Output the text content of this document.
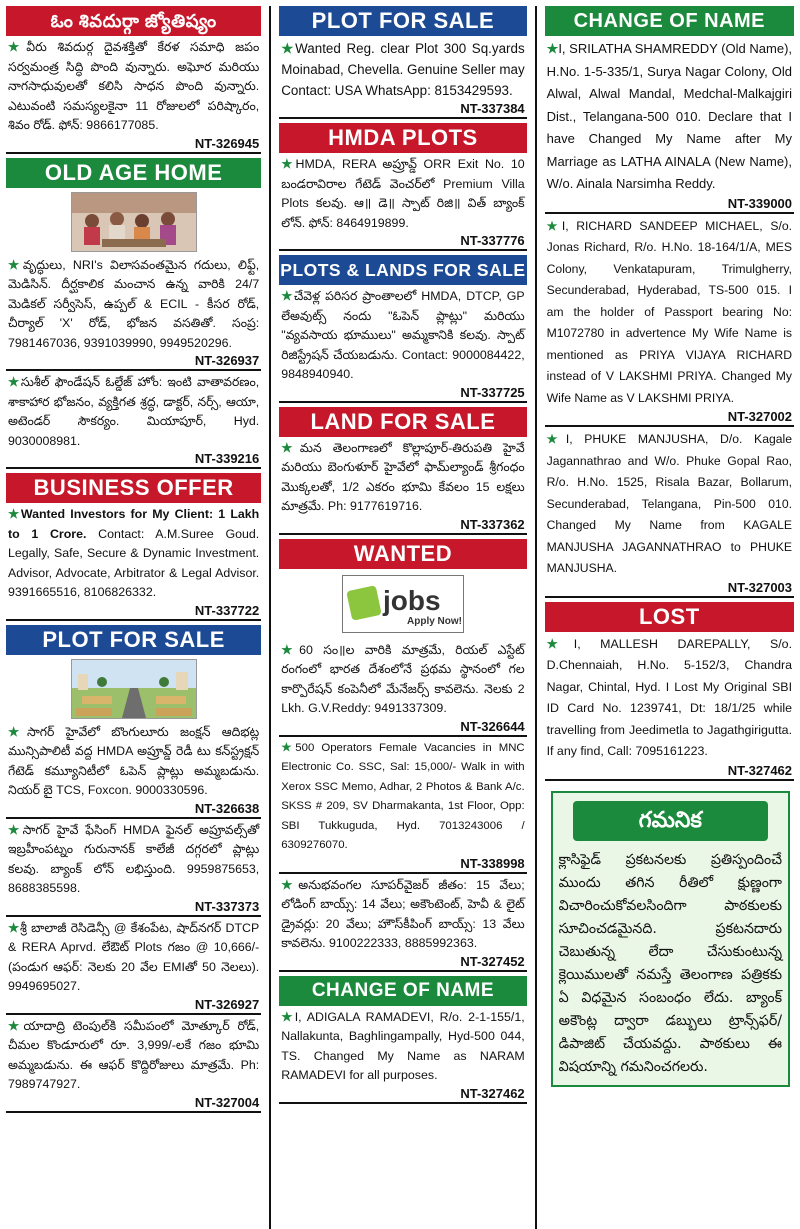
ఓం శివదుర్గా జ్యోతిష్యం
★వీరు శివదుర్గ దైవశక్తితో కేరళ సమాధి జపం సర్వమంత్ర సిద్ధి పొంది వున్నారు. అఘోర మరియు నాగసాధువులతో కలిసి సాధన పొంది వున్నారు. ఎటువంటి సమస్యలకైనా 11 రోజులలో పరిష్కారం, శివం రోడ్. ఫోన్: 9866177085.
NT-326945
OLD AGE HOME
★వృద్ధులు, NRI's విలాసవంతమైన గదులు, లిఫ్ట్, మెడిసిన్. దీర్ఘకాలిక మంచాన ఉన్న వారికి 24/7 మెడికల్ సర్వీసెస్, ఉప్పల్ & ECIL - కీసర రోడ్, చీర్యాల్ 'X' రోడ్, భోజన వసతితో. సంప్ర: 7981467036, 9391039990, 9949520296.
NT-326937
★సుశీల్ ఫౌండేషన్ ఓల్డేజ్ హోం: ఇంటి వాతావరణం, శాకాహార భోజనం, వ్యక్తిగత శ్రద్ధ, డాక్టర్, నర్స్, ఆయా, అటెండర్ సౌకర్యం. మియాపూర్, Hyd. 9030008981.
NT-339216
BUSINESS OFFER
★Wanted Investors for My Client: 1 Lakh to 1 Crore. Contact: A.M.Suree Goud. Legally, Safe, Secure & Dynamic Investment. Advisor, Advocate, Arbitrator & Legal Advisor. 9391665516, 8106826332.
NT-337722
PLOT FOR SALE
★సాగర్ హైవేలో బొంగులూరు జంక్షన్ ఆదిభట్ల మున్సిపాలిటీ వద్ద HMDA అప్రూవ్డ్ రెడీ టు కన్‌స్ట్రక్షన్ గేటెడ్ కమ్యూనిటీలో ఓపెన్ ప్లాట్లు అమ్మబడును. నియర్ బై TCS, Foxcon. 9000330596.
NT-326638
★సాగర్ హైవే ఫేసింగ్ HMDA ఫైనల్ అప్రూవల్స్‌తో ఇబ్రహీంపట్నం గురునానక్ కాలేజీ దగ్గరలో ప్లాట్లు కలవు. బ్యాంక్ లోన్ లభిస్తుంది. 9959875653, 8688385598.
NT-337373
★శ్రీ బాలాజీ రెసిడెన్సీ @ కేశంపేట, షాద్‌నగర్ DTCP & RERA Aprvd. లేఔట్ Plots గజం @ 10,666/- (పండుగ ఆఫర్: నెలకు 20 వేల EMIతో 50 నెలలు). 9949695027.
NT-326927
★యాదాద్రి టెంపుల్‌కి సమీపంలో మోత్కూర్ రోడ్, చీమల కొండూరులో రూ. 3,999/-లకే గజం భూమి అమ్మబడును. ఈ ఆఫర్ కొద్దిరోజులు మాత్రమే. Ph: 7989747927.
NT-327004
PLOT FOR SALE
★Wanted Reg. clear Plot 300 Sq.yards Moinabad, Chevella. Genuine Seller may Contact: USA WhatsApp: 8153429593.
NT-337384
HMDA PLOTS
★HMDA, RERA అప్రూవ్డ్ ORR Exit No. 10 బండరావిరాల గేటెడ్ వెంచర్‌లో Premium Villa Plots కలవు. ఆ॥ డె॥ స్పాట్ రిజి॥ విత్ బ్యాంక్ లోన్. ఫోన్: 8464919899.
NT-337776
PLOTS & LANDS FOR SALE
★చేవెళ్ల పరిసర ప్రాంతాలలో HMDA, DTCP, GP లేఅవుట్స్ నందు "ఓపెన్ ప్లాట్లు" మరియు "వ్యవసాయ భూములు" అమ్మకానికి కలవు. స్పాట్ రిజిస్ట్రేషన్ చేయబడును. Contact: 9000084422, 9848940940.
NT-337725
LAND FOR SALE
★మన తెలంగాణలో కొల్లాపూర్-తిరుపతి హైవే మరియు బెంగుళూర్ హైవేలో ఫామ్‌ల్యాండ్ శ్రీగంధం మొక్కలతో, 1/2 ఎకరం భూమి కేవలం 15 లక్షలు మాత్రమే. Ph: 9177619716.
NT-337362
WANTED
jobs
Apply Now!
★60 సం॥ల వారికి మాత్రమే, రియల్ ఎస్టేట్ రంగంలో భారత దేశంలోనే ప్రథమ స్థానంలో గల కార్పొరేషన్ కంపెనీలో మేనేజర్స్ కావలెను. నెలకు 2 Lkh. G.V.Reddy: 9491337309.
NT-326644
★500 Operators Female Vacancies in MNC Electronic Co. SSC, Sal: 15,000/- Walk in with Xerox SSC Memo, Adhar, 2 Photos & Bank A/c. SKSS # 209, SV Dharmakanta, 1st Floor, Opp: SBI Tukkuguda, Hyd. 7013243006 / 6309276070.
NT-338998
★అనుభవంగల సూపర్‌వైజర్ జీతం: 15 వేలు; లోడింగ్ బాయ్స్: 14 వేలు; అకౌంటెంట్, హెవీ & లైట్ డ్రైవర్లు: 20 వేలు; హౌస్‌కీపింగ్ బాయ్స్: 13 వేలు కావలెను. 9100222333, 8885992363.
NT-327452
CHANGE OF NAME
★I, ADIGALA RAMADEVI, R/o. 2-1-155/1, Nallakunta, Baghlingampally, Hyd-500 044, TS. Changed My Name as NARAM RAMADEVI for all purposes.
NT-327462
CHANGE OF NAME
★I, SRILATHA SHAMREDDY (Old Name), H.No. 1-5-335/1, Surya Nagar Colony, Old Alwal, Alwal Mandal, Medchal-Malkajgiri Dist., Telangana-500 010. Declare that I have Changed My Name after My Marriage as LATHA AINALA (New Name), W/o. Ainala Narsimha Reddy.
NT-339000
★I, RICHARD SANDEEP MICHAEL, S/o. Jonas Richard, R/o. H.No. 18-164/1/A, MES Colony, Venkatapuram, Trimulgherry, Secunderabad, Hyderabad, TS-500 015. I am the holder of Passport bearing No: M1072780 in advertence My Wife Name is mentioned as PRIYA VIJAYA RICHARD instead of V LAKSHMI PRIYA. Changed My Wife Name as V LAKSHMI PRIYA.
NT-327002
★I, PHUKE MANJUSHA, D/o. Kagale Jagannathrao and W/o. Phuke Gopal Rao, R/o. H.No. 1525, Risala Bazar, Bollarum, Secunderabad, Telangana, Pin-500 010. Changed My Name from KAGALE MANJUSHA JAGANNATHRAO to PHUKE MANJUSHA.
NT-327003
LOST
★I, MALLESH DAREPALLY, S/o. D.Chennaiah, H.No. 5-152/3, Chandra Nagar, Chintal, Hyd. I Lost My Original SBI ID Card No. 1239741, Dt: 18/1/25 while travelling from Jeedimetla to Jagathgirigutta. If any find, Call: 7095161223.
NT-327462
గమనిక
క్లాసిఫైడ్ ప్రకటనలకు ప్రతిస్పందించే ముందు తగిన రీతిలో క్షుణ్ణంగా విచారించుకోవలసిందిగా పాఠకులకు సూచించడమైనది. ప్రకటనదారు చెబుతున్న లేదా చేసుకుంటున్న క్లెయిములతో నమస్తే తెలంగాణ పత్రికకు ఏ విధమైన సంబంధం లేదు. బ్యాంక్ అకౌంట్ల ద్వారా డబ్బులు ట్రాన్స్‌ఫర్/డిపాజిట్ చేయవద్దు. పాఠకులు ఈ విషయాన్ని గమనించగలరు.
